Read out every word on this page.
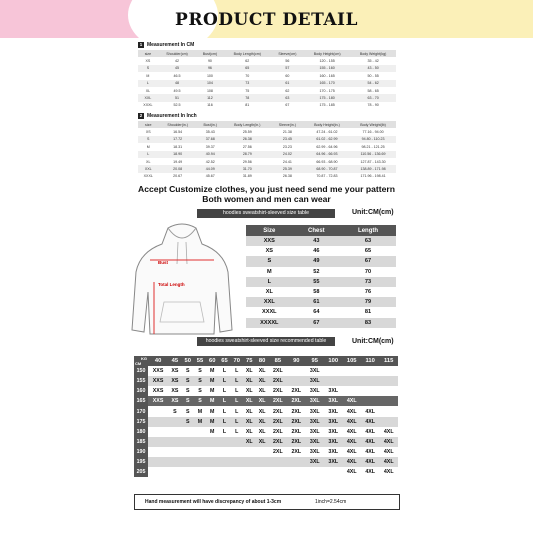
PRODUCT DETAIL
1 Measurement In CM
size	Shoulder(cm)	Bust(cm)	Body Length(cm)	Sleeve(cm)	Body Height(cm)	Body Weight(kg)
XS	42	90	62	56	120 - 155	35 - 42
S	45	96	65	57	155 - 160	43 - 50
M	46.5	100	70	60	160 - 165	50 - 55
L	48	104	73	61	165 - 170	54 - 62
XL	49.5	108	75	62	170 - 175	58 - 65
XXL	51	112	78	63	175 - 180	63 - 70
XXXL	52.5	116	81	67	175 - 185	78 - 90
2 Measurement In Inch
size	Shoulder(in.)	Bust(in.)	Body Length(in.)	Sleeve(in.)	Body Height(in.)	Body Weight(lb)
XS	16.54	35.43	25.59	21.38	47.24 - 61.02	77.16 - 94.00
S	17.72	37.68	26.38	23.45	61.02 - 62.99	94.80 - 110.23
M	18.31	39.37	27.56	23.23	62.99 - 64.96	98.21 - 121.25
L	18.90	40.94	28.79	24.02	64.96 - 66.93	110.56 - 136.69
XL	19.49	42.52	29.56	24.41	66.93 - 68.90	127.87 - 143.30
XXL	20.08	44.09	31.70	25.39	68.90 - 70.87	138.89 - 171.98
XXXL	20.67	45.67	31.89	26.38	70.87 - 72.83	171.96 - 198.41
Accept Customize clothes, you just need send me your pattern
Both women and men can wear
hoodies sweatshirt-sleeved size table	Unit:CM(cm)
Bust
Total Length
Size	Chest	Length
XXS	43	63
XS	46	65
S	49	67
M	52	70
L	55	73
XL	58	76
XXL	61	79
XXXL	64	81
XXXXL	67	83
hoodies sweatshirt-sleeved size recommended table	Unit:CM(cm)
KG
CM	40	45	50	55	60	65	70	75	80	85	90	95	100	105	110	115
150	XXS	XS	S	S	M	L	L	XL	XL	2XL		3XL				
155	XXS	XS	S	S	M	L	L	XL	XL	2XL		3XL				
160	XXS	XS	S	S	M	L	L	XL	XL	2XL	2XL	3XL	3XL			
165	XXS	XS	S	S	M	L	L	XL	XL	2XL	2XL	3XL	3XL	4XL		
170		S	S	M	M	L	L	XL	XL	2XL	2XL	3XL	3XL	4XL	4XL	
175			S	M	M	L	L	XL	XL	2XL	2XL	3XL	3XL	4XL	4XL	
180					M	L	L	XL	XL	2XL	2XL	3XL	3XL	4XL	4XL	4XL
185								XL	XL	2XL	2XL	3XL	3XL	4XL	4XL	4XL
190										2XL	2XL	3XL	3XL	4XL	4XL	4XL
195												3XL	3XL	4XL	4XL	4XL
205														4XL	4XL	4XL
Hand measurement will have discrepancy of about 1-3cm	1inch=2.54cm
